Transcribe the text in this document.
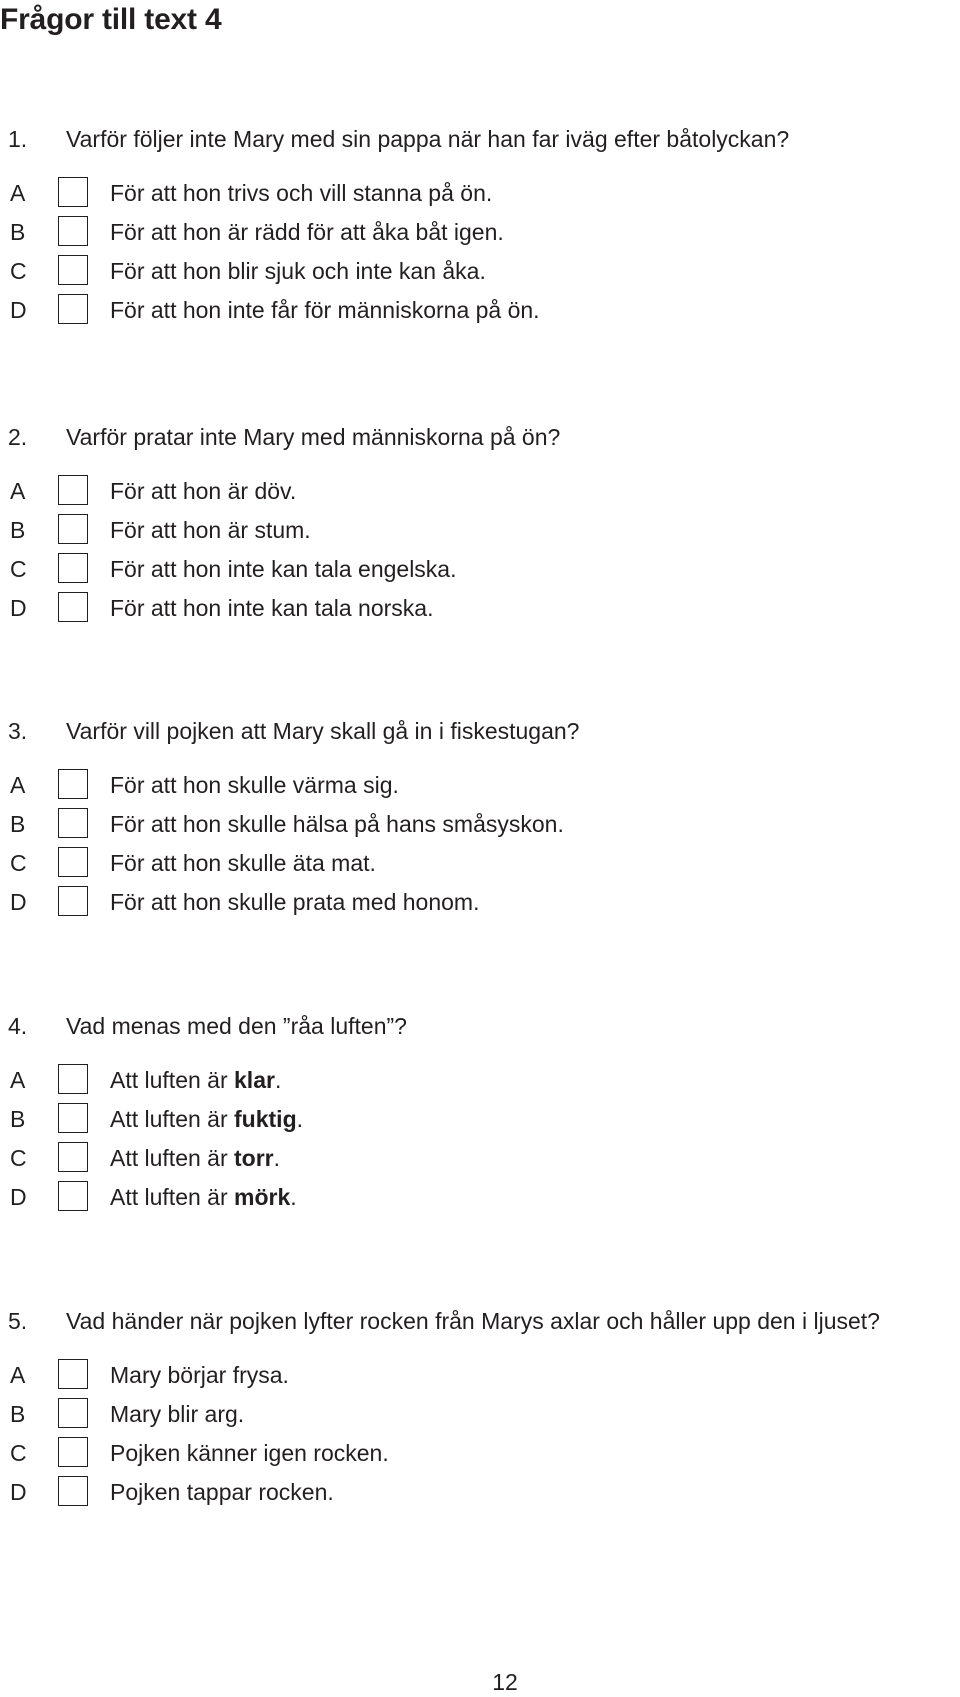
Frågor till text 4
1. Varför följer inte Mary med sin pappa när han far iväg efter båtolyckan?
A	För att hon trivs och vill stanna på ön.
B	För att hon är rädd för att åka båt igen.
C	För att hon blir sjuk och inte kan åka.
D	För att hon inte får för människorna på ön.
2. Varför pratar inte Mary med människorna på ön?
A	För att hon är döv.
B	För att hon är stum.
C	För att hon inte kan tala engelska.
D	För att hon inte kan tala norska.
3. Varför vill pojken att Mary skall gå in i fiskestugan?
A	För att hon skulle värma sig.
B	För att hon skulle hälsa på hans småsyskon.
C	För att hon skulle äta mat.
D	För att hon skulle prata med honom.
4. Vad menas med den ”råa luften”?
A	Att luften är klar.
B	Att luften är fuktig.
C	Att luften är torr.
D	Att luften är mörk.
5. Vad händer när pojken lyfter rocken från Marys axlar och håller upp den i ljuset?
A	Mary börjar frysa.
B	Mary blir arg.
C	Pojken känner igen rocken.
D	Pojken tappar rocken.
12
